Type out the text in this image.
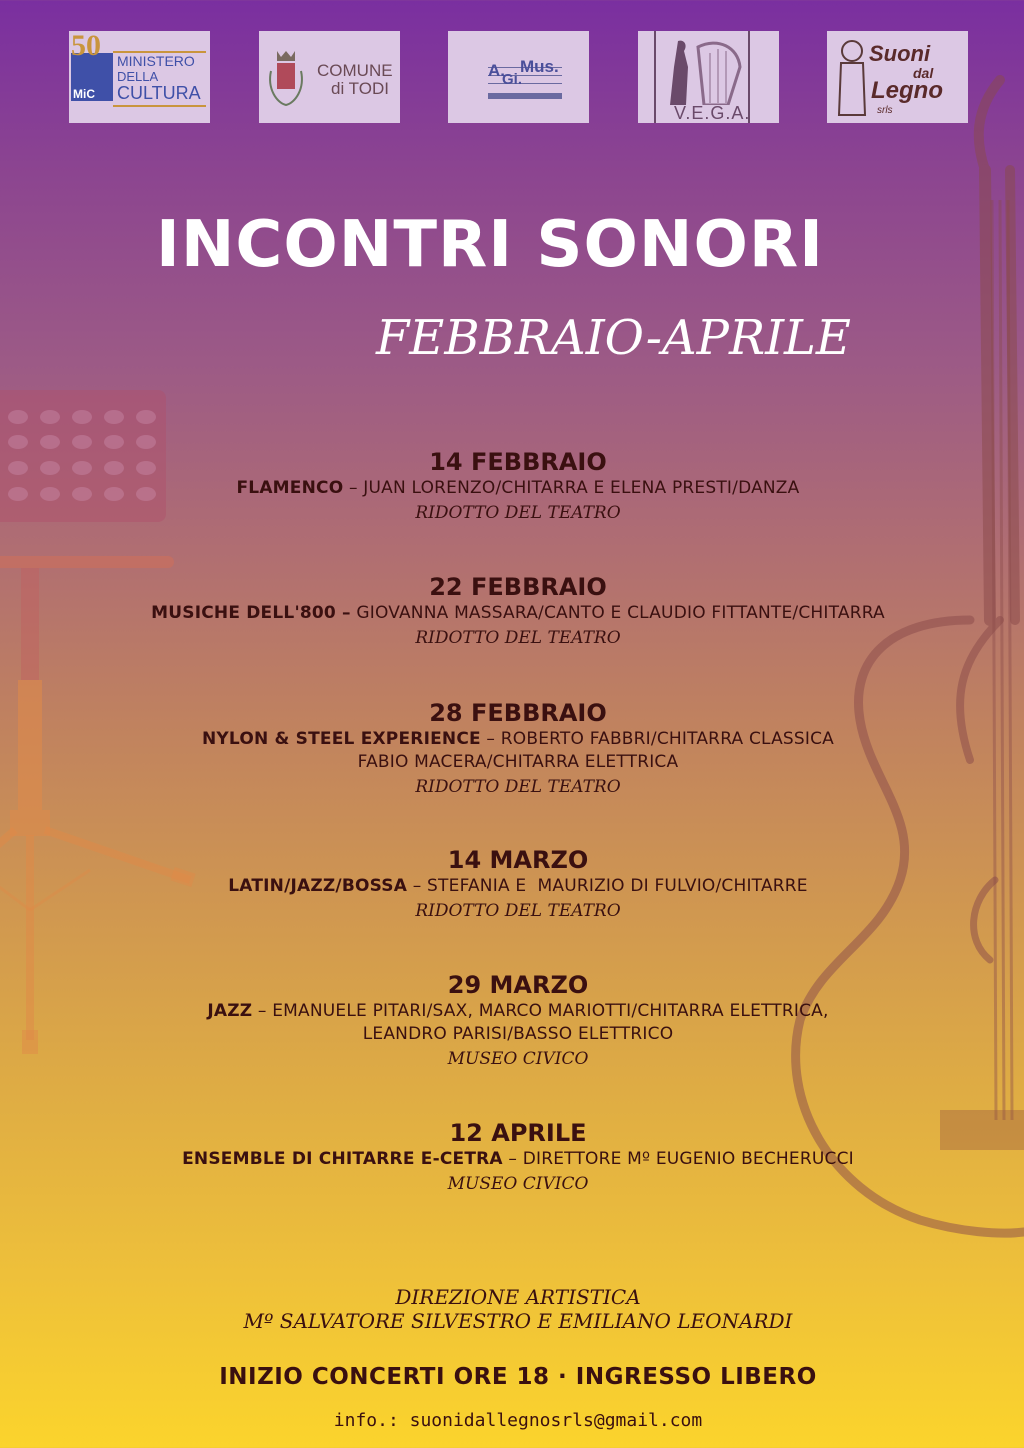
50
MiC
MINISTERO
DELLA
CULTURA
COMUNE
di TODI
A.
Gi.
Mus.
V.E.G.A.
Suoni
dal
Legno
srls
INCONTRI SONORI
FEBBRAIO-APRILE
14 FEBBRAIO
FLAMENCO – JUAN LORENZO/CHITARRA E ELENA PRESTI/DANZA
RIDOTTO DEL TEATRO
22 FEBBRAIO
MUSICHE DELL'800 – GIOVANNA MASSARA/CANTO E CLAUDIO FITTANTE/CHITARRA
RIDOTTO DEL TEATRO
28 FEBBRAIO
NYLON & STEEL EXPERIENCE – ROBERTO FABBRI/CHITARRA CLASSICA
FABIO MACERA/CHITARRA ELETTRICA
RIDOTTO DEL TEATRO
14 MARZO
LATIN/JAZZ/BOSSA – STEFANIA E  MAURIZIO DI FULVIO/CHITARRE
RIDOTTO DEL TEATRO
29 MARZO
JAZZ – EMANUELE PITARI/SAX, MARCO MARIOTTI/CHITARRA ELETTRICA,
LEANDRO PARISI/BASSO ELETTRICO
MUSEO CIVICO
12 APRILE
ENSEMBLE DI CHITARRE E-CETRA – DIRETTORE Mº EUGENIO BECHERUCCI
MUSEO CIVICO
DIREZIONE ARTISTICA
Mº SALVATORE SILVESTRO E EMILIANO LEONARDI
INIZIO CONCERTI ORE 18 · INGRESSO LIBERO
info.: suonidallegnosrls@gmail.com
